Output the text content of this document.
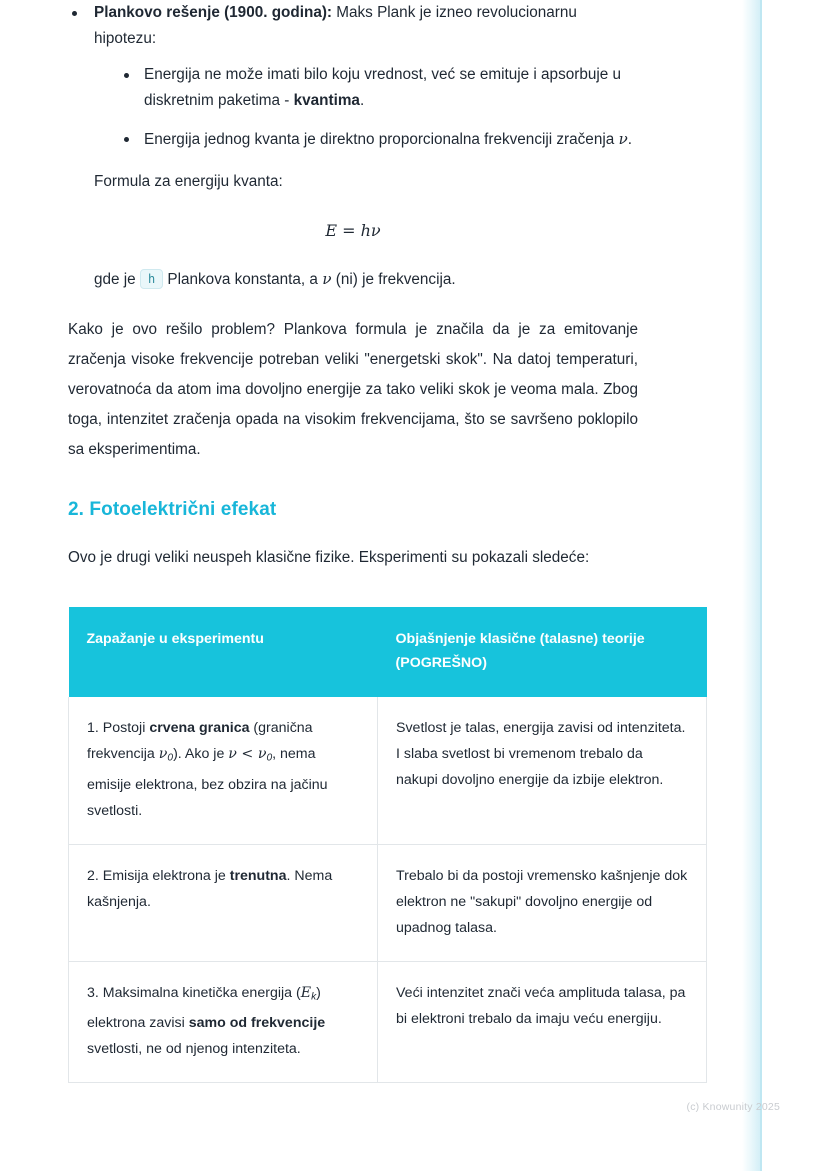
Plankovo rešenje (1900. godina): Maks Plank je izneo revolucionarnu hipotezu:
Energija ne može imati bilo koju vrednost, već se emituje i apsorbuje u diskretnim paketima - kvantima.
Energija jednog kvanta je direktno proporcionalna frekvenciji zračenja ν.
Formula za energiju kvanta:
E = hν
gde je h Plankova konstanta, a ν (ni) je frekvencija.

Kako je ovo rešilo problem? Plankova formula je značila da je za emitovanje zračenja visoke frekvencije potreban veliki "energetski skok". Na datoj temperaturi, verovatnoća da atom ima dovoljno energije za tako veliki skok je veoma mala. Zbog toga, intenzitet zračenja opada na visokim frekvencijama, što se savršeno poklopilo sa eksperimentima.

2. Fotoelektrični efekat

Ovo je drugi veliki neuspeh klasične fizike. Eksperimenti su pokazali sledeće:

Zapažanje u eksperimentu	Objašnjenje klasične (talasne) teorije (POGREŠNO)
1. Postoji crvena granica (granična frekvencija $\nu_0$). Ako je $\nu < \nu_0$, nema emisije elektrona, bez obzira na jačinu svetlosti.	Svetlost je talas, energija zavisi od intenziteta. I slaba svetlost bi vremenom trebalo da nakupi dovoljno energije da izbije elektron.
2. Emisija elektrona je trenutna. Nema kašnjenja.	Trebalo bi da postoji vremensko kašnjenje dok elektron ne "sakupi" dovoljno energije od upadnog talasa.
3. Maksimalna kinetička energija $(E_k)$ elektrona zavisi samo od frekvencije svetlosti, ne od njenog intenziteta.	Veći intenzitet znači veća amplituda talasa, pa bi elektroni trebalo da imaju veću energiju.
(c) Knowunity 2025
